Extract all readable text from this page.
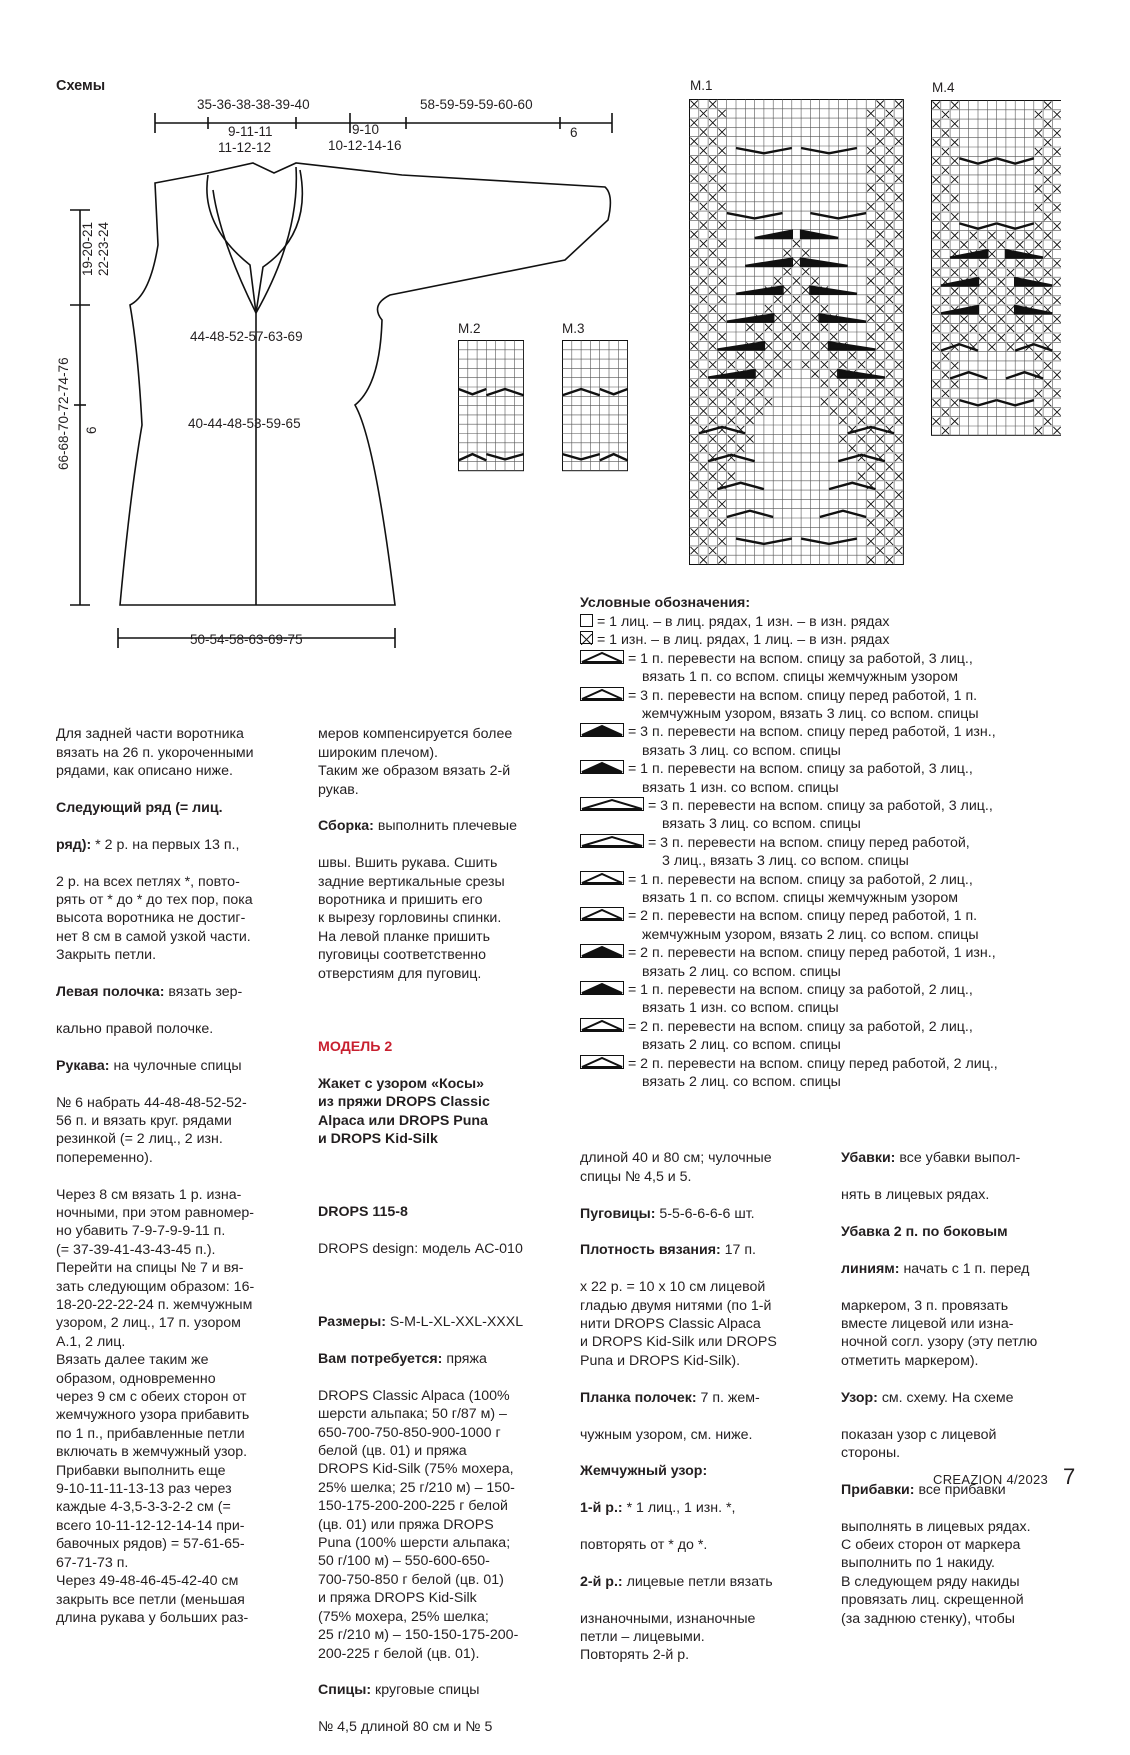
Схемы
35-36-38-38-39-40	58-59-59-59-60-60
9-11-11
11-12-12
9-10
10-12-14-16
6
19-20-21 22-23-24
66-68-70-72-74-76 6
44-48-52-57-63-69
40-44-48-53-59-65
50-54-58-63-69-75
M.1	M.4
M.2	M.3
Условные обозначения:
= 1 лиц. – в лиц. рядах, 1 изн. – в изн. рядах
= 1 изн. – в лиц. рядах, 1 лиц. – в изн. рядах
= 1 п. перевести на вспом. спицу за работой, 3 лиц.,
вязать 1 п. со вспом. спицы жемчужным узором
= 3 п. перевести на вспом. спицу перед работой, 1 п.
жемчужным узором, вязать 3 лиц. со вспом. спицы
= 3 п. перевести на вспом. спицу перед работой, 1 изн.,
вязать 3 лиц. со вспом. спицы
= 1 п. перевести на вспом. спицу за работой, 3 лиц.,
вязать 1 изн. со вспом. спицы
= 3 п. перевести на вспом. спицу за работой, 3 лиц.,
вязать 3 лиц. со вспом. спицы
= 3 п. перевести на вспом. спицу перед работой,
3 лиц., вязать 3 лиц. со вспом. спицы
= 1 п. перевести на вспом. спицу за работой, 2 лиц.,
вязать 1 п. со вспом. спицы жемчужным узором
= 2 п. перевести на вспом. спицу перед работой, 1 п.
жемчужным узором, вязать 2 лиц. со вспом. спицы
= 2 п. перевести на вспом. спицу перед работой, 1 изн.,
вязать 2 лиц. со вспом. спицы
= 1 п. перевести на вспом. спицу за работой, 2 лиц.,
вязать 1 изн. со вспом. спицы
= 2 п. перевести на вспом. спицу за работой, 2 лиц.,
вязать 2 лиц. со вспом. спицы
= 2 п. перевести на вспом. спицу перед работой, 2 лиц.,
вязать 2 лиц. со вспом. спицы

Для задней части воротника
вязать на 26 п. укороченными
рядами, как описано ниже.

Следующий ряд (= лиц.

ряд): * 2 р. на первых 13 п.,

2 р. на всех петлях *, повто-
рять от * до * до тех пор, пока
высота воротника не достиг-
нет 8 см в самой узкой части.
Закрыть петли.

Левая полочка: вязать зер-

кально правой полочке.

Рукава: на чулочные спицы

№ 6 набрать 44-48-48-52-52-
56 п. и вязать круг. рядами
резинкой (= 2 лиц., 2 изн.
попеременно).

Через 8 см вязать 1 р. изна-
ночными, при этом равномер-
но убавить 7-9-7-9-9-11 п.
(= 37-39-41-43-43-45 п.).
Перейти на спицы № 7 и вя-
зать следующим образом: 16-
18-20-22-22-24 п. жемчужным
узором, 2 лиц., 17 п. узором
A.1, 2 лиц.
Вязать далее таким же
образом, одновременно
через 9 см с обеих сторон от
жемчужного узора прибавить
по 1 п., прибавленные петли
включать в жемчужный узор.
Прибавки выполнить еще
9-10-11-11-13-13 раз через
каждые 4-3,5-3-3-2-2 см (=
всего 10-11-12-12-14-14 при-
бавочных рядов) = 57-61-65-
67-71-73 п.
Через 49-48-46-45-42-40 см
закрыть все петли (меньшая
длина рукава у больших раз-

меров компенсируется более
широким плечом).
Таким же образом вязать 2-й
рукав.

Сборка: выполнить плечевые

швы. Вшить рукава. Сшить
задние вертикальные срезы
воротника и пришить его
к вырезу горловины спинки.
На левой планке пришить
пуговицы соответственно
отверстиям для пуговиц.

МОДЕЛЬ 2

Жакет с узором «Косы»
из пряжи DROPS Classic
Alpaca или DROPS Puna
и DROPS Kid-Silk

DROPS 115-8

DROPS design: модель AC-010

Размеры: S-M-L-XL-XXL-XXXL

Вам потребуется: пряжа

DROPS Classic Alpaca (100%
шерсти альпака; 50 г/87 м) –
650-700-750-850-900-1000 г
белой (цв. 01) и пряжа
DROPS Kid-Silk (75% мохера,
25% шелка; 25 г/210 м) – 150-
150-175-200-200-225 г белой
(цв. 01) или пряжа DROPS
Puna (100% шерсти альпака;
50 г/100 м) – 550-600-650-
700-750-850 г белой (цв. 01)
и пряжа DROPS Kid-Silk
(75% мохера, 25% шелка;
25 г/210 м) – 150-150-175-200-
200-225 г белой (цв. 01).

Спицы: круговые спицы

№ 4,5 длиной 80 см и № 5

длиной 40 и 80 см; чулочные
спицы № 4,5 и 5.

Пуговицы: 5-5-6-6-6-6 шт.

Плотность вязания: 17 п.

х 22 р. = 10 х 10 см лицевой
гладью двумя нитями (по 1-й
нити DROPS Classic Alpaca
и DROPS Kid-Silk или DROPS
Puna и DROPS Kid-Silk).

Планка полочек: 7 п. жем-

чужным узором, см. ниже.

Жемчужный узор:

1-й р.: * 1 лиц., 1 изн. *,

повторять от * до *.

2-й р.: лицевые петли вязать

изнаночными, изнаночные
петли – лицевыми.
Повторять 2-й р.

Убавки: все убавки выпол-

нять в лицевых рядах.

Убавка 2 п. по боковым

линиям: начать с 1 п. перед

маркером, 3 п. провязать
вместе лицевой или изна-
ночной согл. узору (эту петлю
отметить маркером).

Узор: см. схему. На схеме

показан узор с лицевой
стороны.

Прибавки: все прибавки

выполнять в лицевых рядах.
С обеих сторон от маркера
выполнить по 1 накиду.
В следующем ряду накиды
провязать лиц. скрещенной
(за заднюю стенку), чтобы

CREAZION 4/2023 7
